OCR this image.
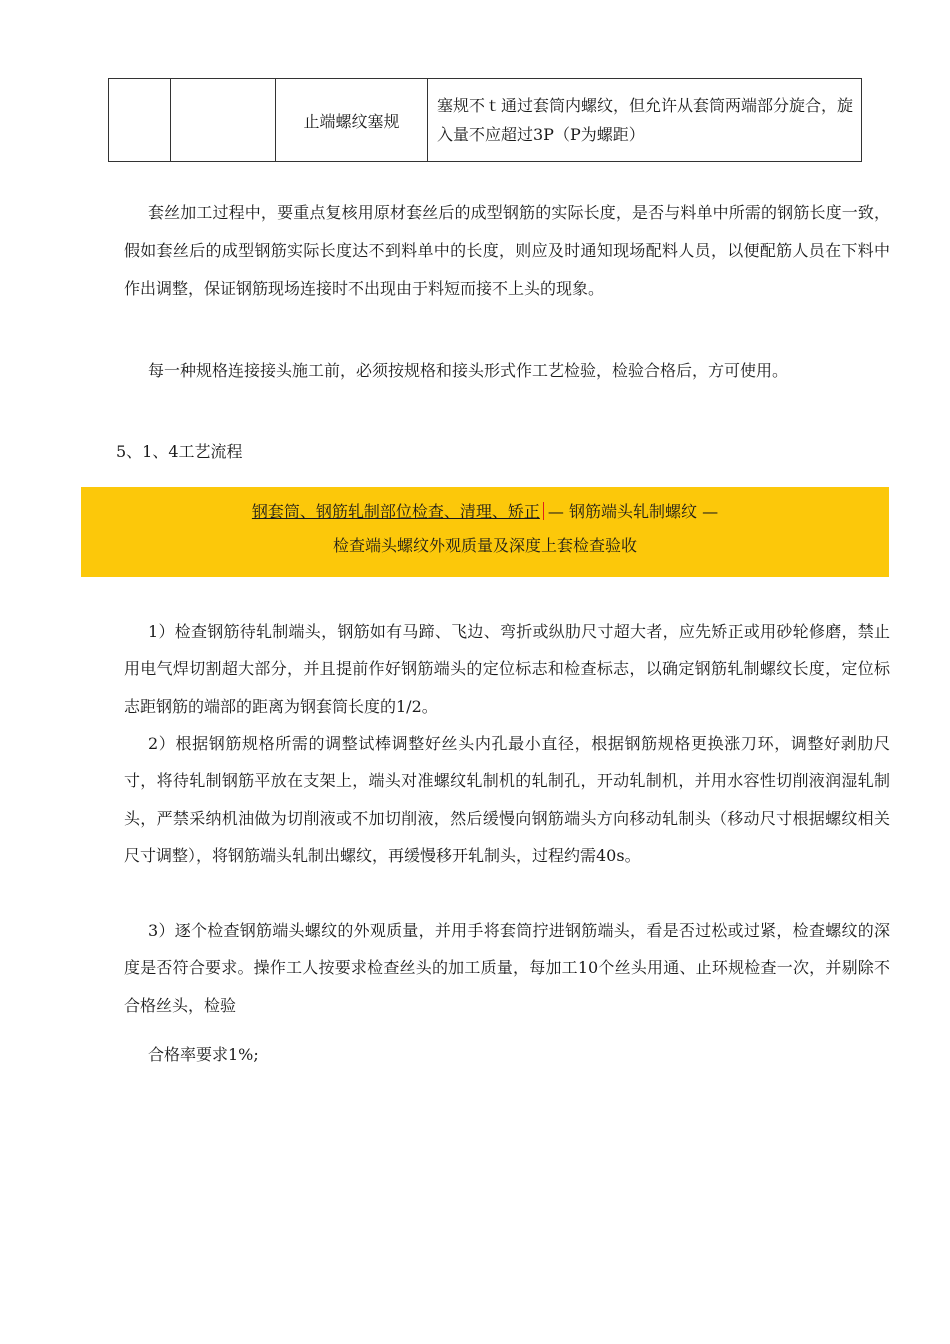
		止端螺纹塞规	塞规不ｔ通过套筒内螺纹，但允许从套筒两端部分旋合，旋入量不应超过3P（P为螺距）

套丝加工过程中，要重点复核用原材套丝后的成型钢筋的实际长度，是否与料单中所需的钢筋长度一致，假如套丝后的成型钢筋实际长度达不到料单中的长度，则应及时通知现场配料人员，以便配筋人员在下料中作出调整，保证钢筋现场连接时不出现由于料短而接不上头的现象。

每一种规格连接接头施工前，必须按规格和接头形式作工艺检验，检验合格后，方可使用。

5、1、4工艺流程

钢套筒、钢筋轧制部位检查、清理、矫正 — 钢筋端头轧制螺纹 —
检查端头螺纹外观质量及深度上套检查验收

1）检查钢筋待轧制端头，钢筋如有马蹄、飞边、弯折或纵肋尺寸超大者，应先矫正或用砂轮修磨，禁止用电气焊切割超大部分，并且提前作好钢筋端头的定位标志和检查标志，以确定钢筋轧制螺纹长度，定位标志距钢筋的端部的距离为钢套筒长度的1/2。

2）根据钢筋规格所需的调整试棒调整好丝头内孔最小直径，根据钢筋规格更换涨刀环，调整好剥肋尺寸，将待轧制钢筋平放在支架上，端头对准螺纹轧制机的轧制孔，开动轧制机，并用水容性切削液润湿轧制头，严禁采纳机油做为切削液或不加切削液，然后缓慢向钢筋端头方向移动轧制头（移动尺寸根据螺纹相关尺寸调整），将钢筋端头轧制出螺纹，再缓慢移开轧制头，过程约需40s。

3）逐个检查钢筋端头螺纹的外观质量，并用手将套筒拧进钢筋端头，看是否过松或过紧，检查螺纹的深度是否符合要求。操作工人按要求检查丝头的加工质量，每加工10个丝头用通、止环规检查一次，并剔除不合格丝头，检验

合格率要求1%;
